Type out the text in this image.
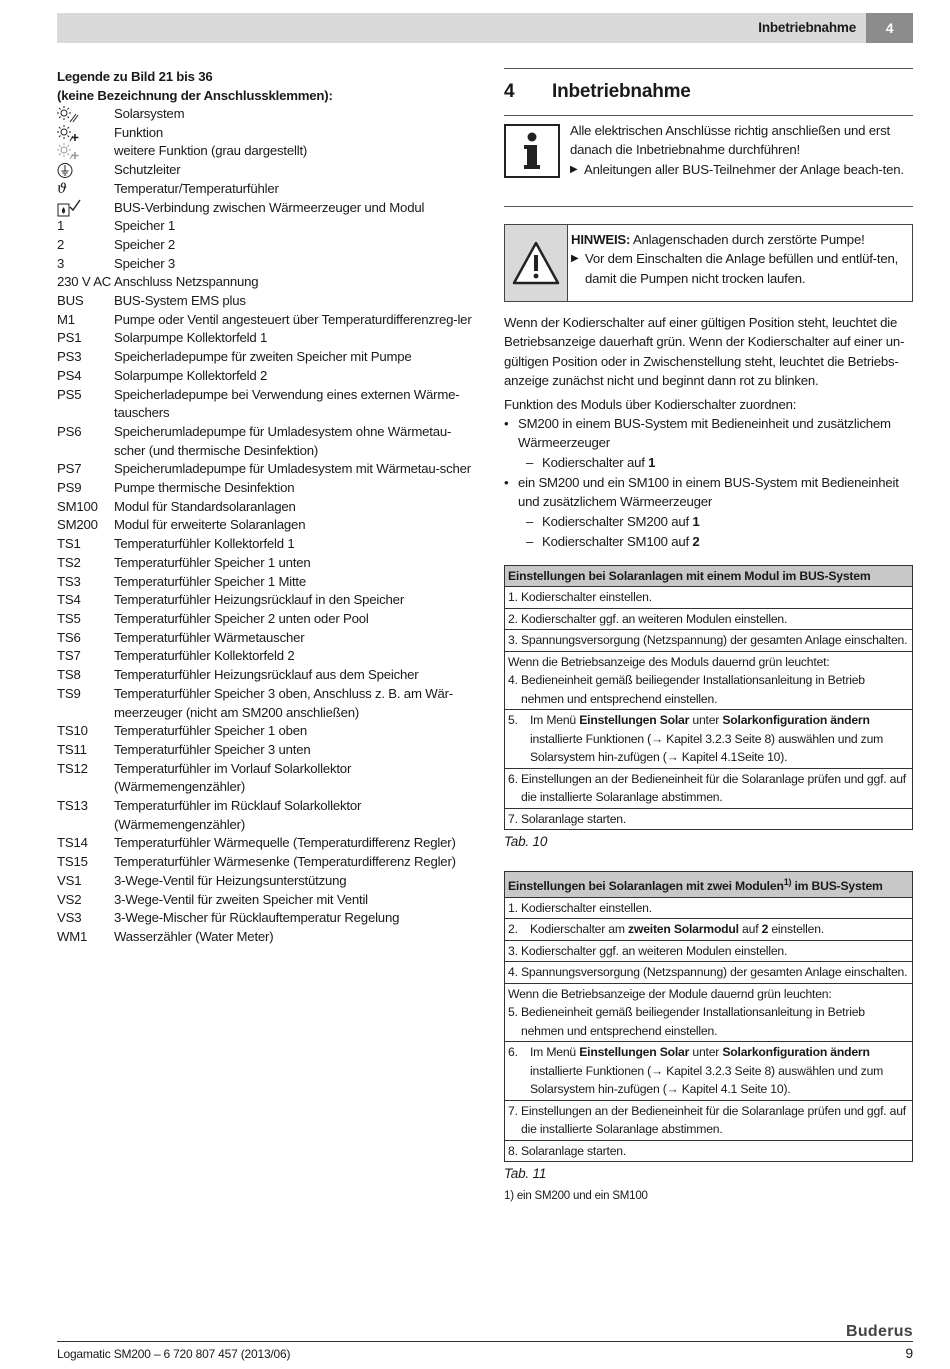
Inbetriebnahme	4
Legende zu Bild 21 bis 36
(keine Bezeichnung der Anschlussklemmen):
Solarsystem
Funktion
weitere Funktion (grau dargestellt)
Schutzleiter
ϑ	Temperatur/Temperaturfühler
BUS-Verbindung zwischen Wärmeerzeuger und Modul
1	Speicher 1
2	Speicher 2
3	Speicher 3
230 V AC Anschluss Netzspannung
BUS	BUS-System EMS plus
M1	Pumpe oder Ventil angesteuert über Temperaturdifferenzreg-ler
PS1	Solarpumpe Kollektorfeld 1
PS3	Speicherladepumpe für zweiten Speicher mit Pumpe
PS4	Solarpumpe Kollektorfeld 2
PS5	Speicherladepumpe bei Verwendung eines externen Wärme-tauschers
PS6	Speicherumladepumpe für Umladesystem ohne Wärmetau-scher (und thermische Desinfektion)
PS7	Speicherumladepumpe für Umladesystem mit Wärmetau-scher
PS9	Pumpe thermische Desinfektion
SM100	Modul für Standardsolaranlagen
SM200	Modul für erweiterte Solaranlagen
TS1	Temperaturfühler Kollektorfeld 1
TS2	Temperaturfühler Speicher 1 unten
TS3	Temperaturfühler Speicher 1 Mitte
TS4	Temperaturfühler Heizungsrücklauf in den Speicher
TS5	Temperaturfühler Speicher 2 unten oder Pool
TS6	Temperaturfühler Wärmetauscher
TS7	Temperaturfühler Kollektorfeld 2
TS8	Temperaturfühler Heizungsrücklauf aus dem Speicher
TS9	Temperaturfühler Speicher 3 oben, Anschluss z. B. am Wär-meerzeuger (nicht am SM200 anschließen)
TS10	Temperaturfühler Speicher 1 oben
TS11	Temperaturfühler Speicher 3 unten
TS12	Temperaturfühler im Vorlauf Solarkollektor (Wärmemengenzähler)
TS13	Temperaturfühler im Rücklauf Solarkollektor (Wärmemengenzähler)
TS14	Temperaturfühler Wärmequelle (Temperaturdifferenz Regler)
TS15	Temperaturfühler Wärmesenke (Temperaturdifferenz Regler)
VS1	3-Wege-Ventil für Heizungsunterstützung
VS2	3-Wege-Ventil für zweiten Speicher mit Ventil
VS3	3-Wege-Mischer für Rücklauftemperatur Regelung
WM1	Wasserzähler (Water Meter)
4	Inbetriebnahme
Alle elektrischen Anschlüsse richtig anschließen und erst danach die Inbetriebnahme durchführen!
▶ Anleitungen aller BUS-Teilnehmer der Anlage beach-ten.
HINWEIS: Anlagenschaden durch zerstörte Pumpe!
▶ Vor dem Einschalten die Anlage befüllen und entlüf-ten, damit die Pumpen nicht trocken laufen.
Wenn der Kodierschalter auf einer gültigen Position steht, leuchtet die Betriebsanzeige dauerhaft grün. Wenn der Kodierschalter auf einer un-gültigen Position oder in Zwischenstellung steht, leuchtet die Betriebs-anzeige zunächst nicht und beginnt dann rot zu blinken.
Funktion des Moduls über Kodierschalter zuordnen:
• SM200 in einem BUS-System mit Bedieneinheit und zusätzlichem Wärmeerzeuger
– Kodierschalter auf 1
• ein SM200 und ein SM100 in einem BUS-System mit Bedieneinheit und zusätzlichem Wärmeerzeuger
– Kodierschalter SM200 auf 1
– Kodierschalter SM100 auf 2
Einstellungen bei Solaranlagen mit einem Modul im BUS-System
1. Kodierschalter einstellen.
2. Kodierschalter ggf. an weiteren Modulen einstellen.
3. Spannungsversorgung (Netzspannung) der gesamten Anlage einschalten.

Wenn die Betriebsanzeige des Moduls dauernd grün leuchtet:
4. Bedieneinheit gemäß beiliegender Installationsanleitung in Betrieb nehmen und entsprechend einstellen.

5.	Im Menü Einstellungen Solar unter Solarkonfiguration ändern installierte Funktionen (→ Kapitel 3.2.3 Seite 8) auswählen und zum Solarsystem hin-zufügen (→ Kapitel 4.1Seite 10).

6. Einstellungen an der Bedieneinheit für die Solaranlage prüfen und ggf. auf die installierte Solaranlage abstimmen.

7. Solaranlage starten.
Tab. 10
Einstellungen bei Solaranlagen mit zwei Modulen$^{1)}$ im BUS-System
1. Kodierschalter einstellen.

2.	Kodierschalter am zweiten Solarmodul auf 2 einstellen.

3. Kodierschalter ggf. an weiteren Modulen einstellen.
4. Spannungsversorgung (Netzspannung) der gesamten Anlage einschalten.

Wenn die Betriebsanzeige der Module dauernd grün leuchten:
5. Bedieneinheit gemäß beiliegender Installationsanleitung in Betrieb nehmen und entsprechend einstellen.

6.	Im Menü Einstellungen Solar unter Solarkonfiguration ändern installierte Funktionen (→ Kapitel 3.2.3 Seite 8) auswählen und zum Solarsystem hin-zufügen (→ Kapitel 4.1 Seite 10).

7. Einstellungen an der Bedieneinheit für die Solaranlage prüfen und ggf. auf die installierte Solaranlage abstimmen.

8. Solaranlage starten.
Tab. 11
1) ein SM200 und ein SM100
Buderus
Logamatic SM200 – 6 720 807 457 (2013/06)	9
